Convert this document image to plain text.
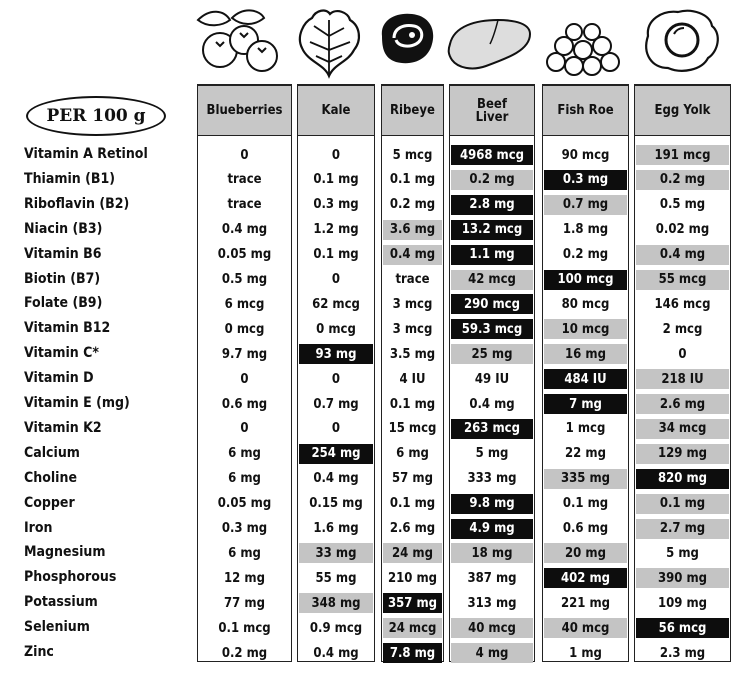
PER 100 g
Vitamin A Retinol
Thiamin (B1)
Riboflavin (B2)
Niacin (B3)
Vitamin B6
Biotin (B7)
Folate (B9)
Vitamin B12
Vitamin C*
Vitamin D
Vitamin E (mg)
Vitamin K2
Calcium
Choline
Copper
Iron
Magnesium
Phosphorous
Potassium
Selenium
Zinc
Blueberries
0
trace
trace
0.4 mg
0.05 mg
0.5 mg
6 mcg
0 mcg
9.7 mg
0
0.6 mg
0
6 mg
6 mg
0.05 mg
0.3 mg
6 mg
12 mg
77 mg
0.1 mcg
0.2 mg
Kale
0
0.1 mg
0.3 mg
1.2 mg
0.1 mg
0
62 mcg
0 mcg
93 mg
0
0.7 mg
0
254 mg
0.4 mg
0.15 mg
1.6 mg
33 mg
55 mg
348 mg
0.9 mcg
0.4 mg
Ribeye
5 mcg
0.1 mg
0.2 mg
3.6 mg
0.4 mg
trace
3 mcg
3 mcg
3.5 mg
4 IU
0.1 mg
15 mcg
6 mg
57 mg
0.1 mg
2.6 mg
24 mg
210 mg
357 mg
24 mcg
7.8 mg
Beef
Liver
4968 mcg
0.2 mg
2.8 mg
13.2 mcg
1.1 mg
42 mcg
290 mcg
59.3 mcg
25 mg
49 IU
0.4 mg
263 mcg
5 mg
333 mg
9.8 mg
4.9 mg
18 mg
387 mg
313 mg
40 mcg
4 mg
Fish Roe
90 mcg
0.3 mg
0.7 mg
1.8 mg
0.2 mg
100 mcg
80 mcg
10 mcg
16 mg
484 IU
7 mg
1 mcg
22 mg
335 mg
0.1 mg
0.6 mg
20 mg
402 mg
221 mg
40 mcg
1 mg
Egg Yolk
191 mcg
0.2 mg
0.5 mg
0.02 mg
0.4 mg
55 mcg
146 mcg
2 mcg
0
218 IU
2.6 mg
34 mcg
129 mg
820 mg
0.1 mg
2.7 mg
5 mg
390 mg
109 mg
56 mcg
2.3 mg
